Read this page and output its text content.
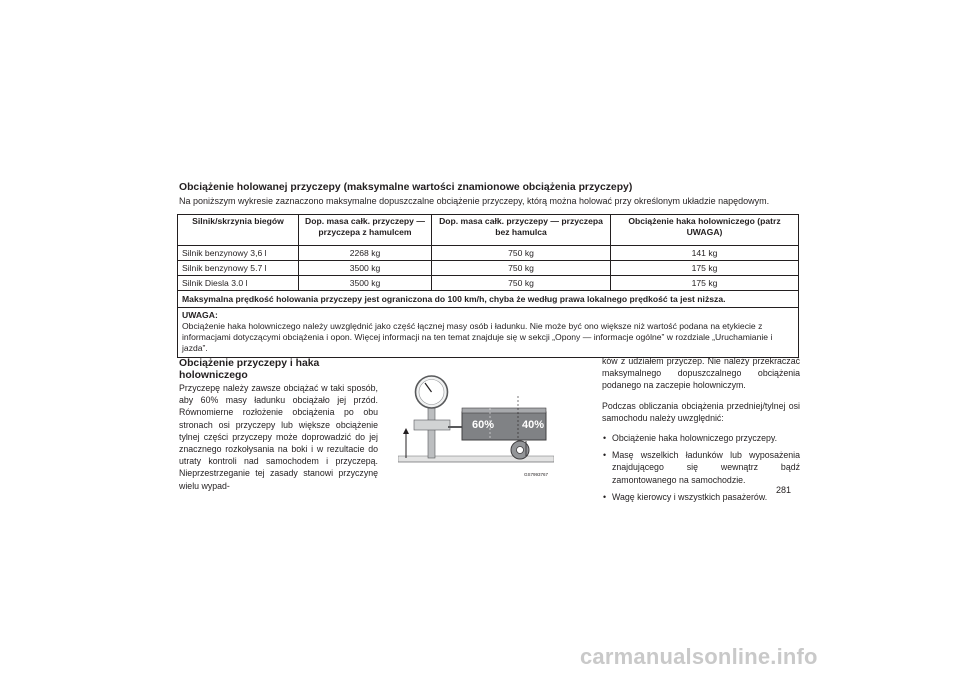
Obciążenie holowanej przyczepy (maksymalne wartości znamionowe obciążenia przyczepy)
Na poniższym wykresie zaznaczono maksymalne dopuszczalne obciążenie przyczepy, którą można holować przy określonym układzie napędowym.
Silnik/skrzynia biegów	Dop. masa całk. przyczepy — przyczepa z hamulcem	Dop. masa całk. przyczepy — przyczepa bez hamulca	Obciążenie haka holowniczego (patrz UWAGA)
Silnik benzynowy 3,6 l	2268 kg	750 kg	141 kg
Silnik benzynowy 5.7 l	3500 kg	750 kg	175 kg
Silnik Diesla 3.0 l	3500 kg	750 kg	175 kg
Maksymalna prędkość holowania przyczepy jest ograniczona do 100 km/h, chyba że według prawa lokalnego prędkość ta jest niższa.			

UWAGA:
Obciążenie haka holowniczego należy uwzględnić jako część łącznej masy osób i ładunku. Nie może być ono większe niż wartość podana na etykiecie z informacjami dotyczącymi obciążenia i opon. Więcej informacji na ten temat znajduje się w sekcji „Opony — informacje ogólne” w rozdziale „Uruchamianie i jazda”.			
Obciążenie przyczepy i haka holowniczego
Przyczepę należy zawsze obciążać w taki sposób, aby 60% masy ładunku obciążało jej przód. Równomierne rozłożenie obciążenia po obu stronach osi przyczepy lub większe obciążenie tylnej części przyczepy może doprowadzić do jej znacznego rozkołysania na boki i w rezultacie do utraty kontroli nad samochodem i przyczepą. Nieprzestrzeganie tej zasady stanowi przyczynę wielu wypad-
60%	40%
GS7993767

ków z udziałem przyczep. Nie należy przekraczać maksymalnego dopuszczalnego obciążenia podanego na zaczepie holowniczym.

Podczas obliczania obciążenia przedniej/tylnej osi samochodu należy uwzględnić:

• Obciążenie haka holowniczego przyczepy.
• Masę wszelkich ładunków lub wyposażenia znajdującego się wewnątrz bądź zamontowanego na samochodzie.
• Wagę kierowcy i wszystkich pasażerów.
281
carmanualsonline.info
